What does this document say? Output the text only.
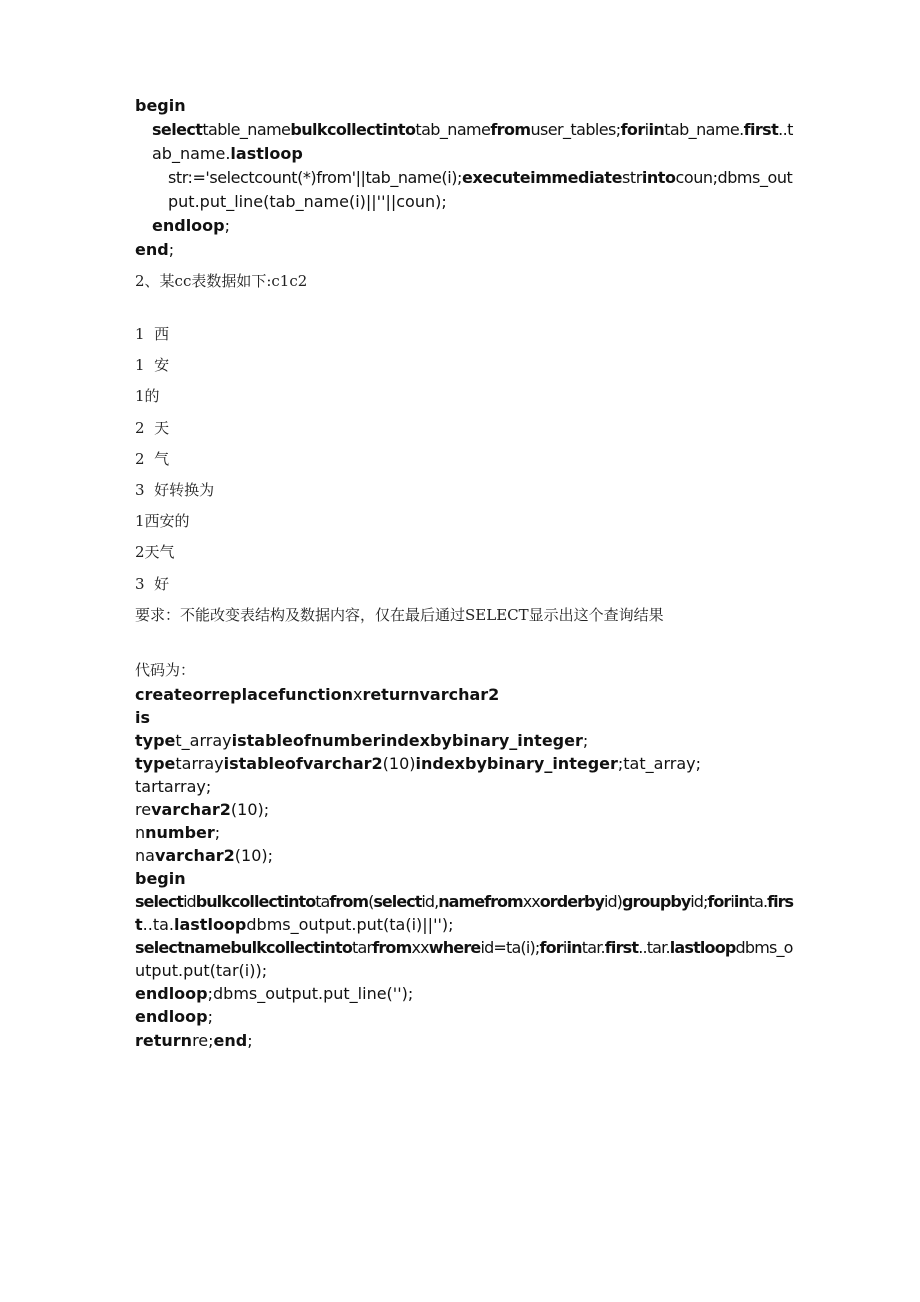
begin
selecttable_namebulkcollectintotab_namefromuser_tables;foriintab_name.first..t
ab_name.lastloop
str:='selectcount(*)from'||tab_name(i);executeimmediatestrintocoun;dbms_out
put.put_line(tab_name(i)||''||coun);
endloop;
end;
2、某cc表数据如下:c1c2
1  西
1  安
1的
2  天
2  气
3  好转换为
1西安的
2天气
3  好
要求：不能改变表结构及数据内容，仅在最后通过SELECT显示出这个查询结果
代码为：
createorreplacefunctionxreturnvarchar2
is
typet_arrayistableofnumberindexbybinary_integer;
typetarrayistableofvarchar2(10)indexbybinary_integer;tat_array;
tartarray;
revarchar2(10);
nnumber;
navarchar2(10);
begin
selectidbulkcollectintotafrom(selectid,namefromxxorderbyid)groupbyid;foriinta.firs
t..ta.lastloopdbms_output.put(ta(i)||'');
selectnamebulkcollectintotarfromxxwhereid=ta(i);foriintar.first..tar.lastloopdbms_o
utput.put(tar(i));
endloop;dbms_output.put_line('');
endloop;
returnre;end;
